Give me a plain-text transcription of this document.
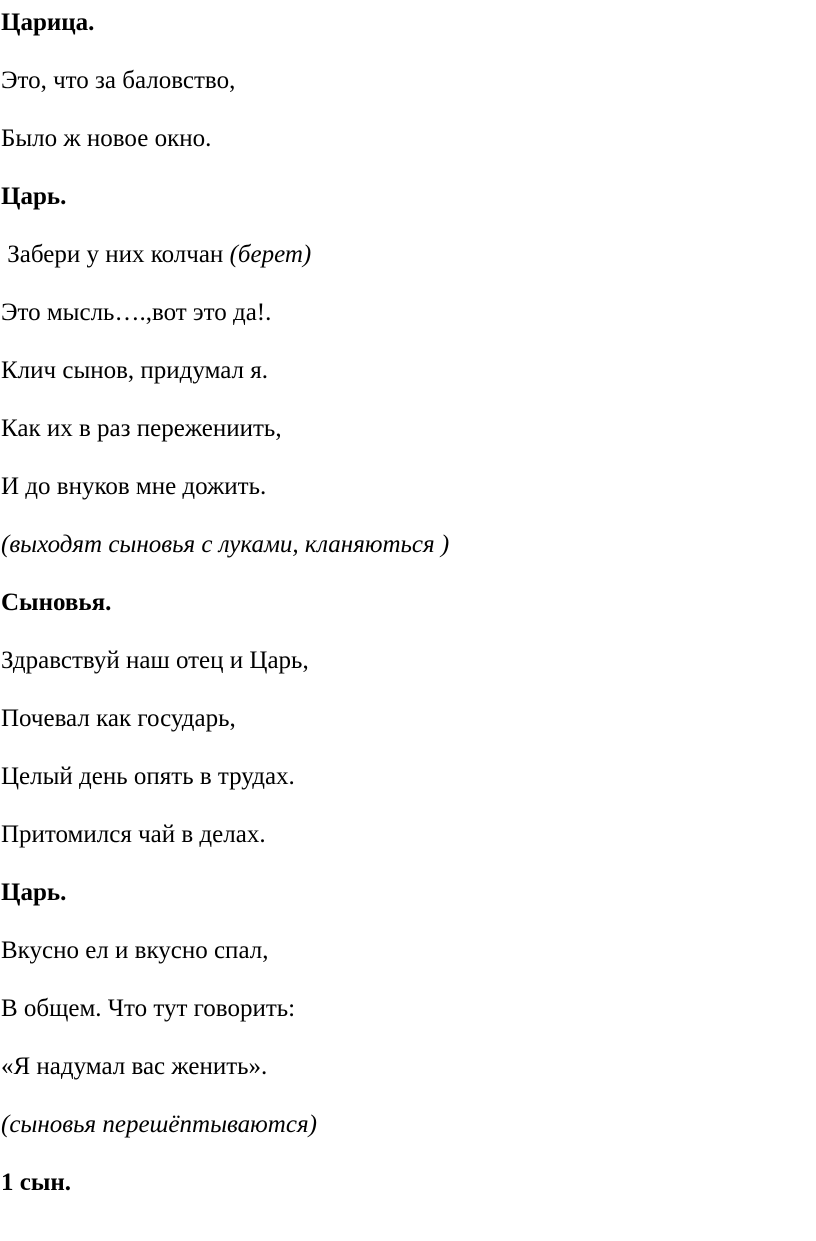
Царица.

Это, что за баловство,

Было ж новое окно.

Царь.

Забери у них колчан (берет)

Это мысль….,вот это да!.

Клич сынов, придумал я.

Как их в раз пережениить,

И до внуков мне дожить.

(выходят сыновья с луками, кланяються )

Сыновья.

Здравствуй наш отец и Царь,

Почевал как государь,

Целый день опять в трудах.

Притомился чай в делах.

Царь.

Вкусно ел и вкусно спал,

В общем. Что тут говорить:

«Я надумал вас женить».

(сыновья перешёптываются)

1 сын.
